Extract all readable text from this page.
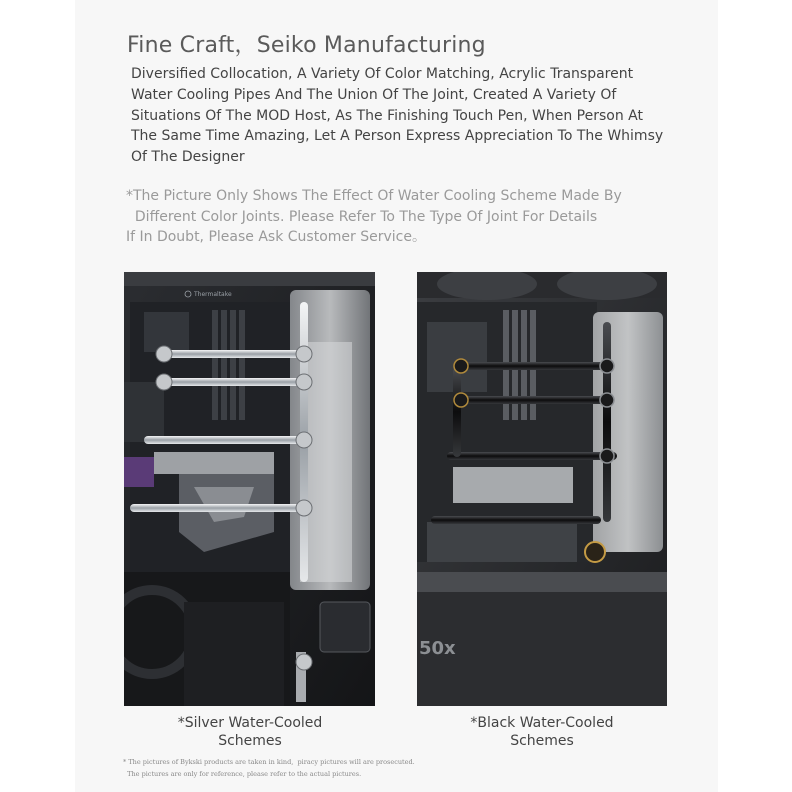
Fine Craft，Seiko Manufacturing

Diversified Collocation, A Variety Of Color Matching, Acrylic Transparent
Water Cooling Pipes And The Union Of The Joint, Created A Variety Of
Situations Of The MOD Host, As The Finishing Touch Pen, When Person At
The Same Time Amazing, Let A Person Express Appreciation To The Whimsy
Of The Designer

*The Picture Only Shows The Effect Of Water Cooling Scheme Made By
Different Color Joints. Please Refer To The Type Of Joint For Details
If In Doubt, Please Ask Customer Service。

Thermaltake
50x
*Silver Water-Cooled
Schemes
*Black Water-Cooled
Schemes
* The pictures of Bykski products are taken in kind,  piracy pictures will are prosecuted.
The pictures are only for reference, please refer to the actual pictures.
